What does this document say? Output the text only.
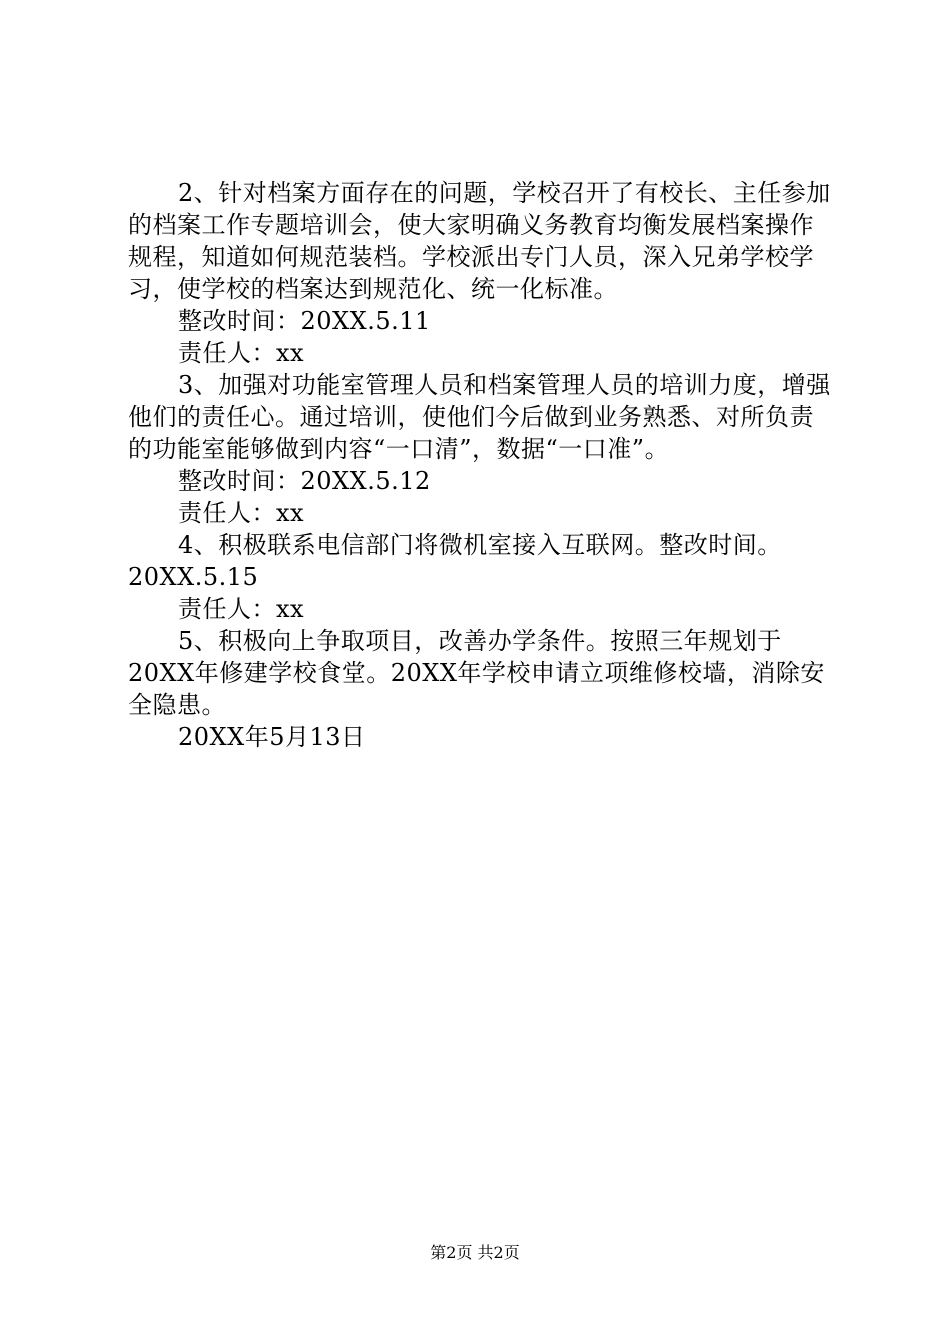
2、针对档案方面存在的问题，学校召开了有校长、主任参加的档案工作专题培训会，使大家明确义务教育均衡发展档案操作规程，知道如何规范装档。学校派出专门人员，深入兄弟学校学习，使学校的档案达到规范化、统一化标准。

整改时间：20XX.5.11

责任人：xx

3、加强对功能室管理人员和档案管理人员的培训力度，增强他们的责任心。通过培训，使他们今后做到业务熟悉、对所负责的功能室能够做到内容“一口清”，数据“一口准”。

整改时间：20XX.5.12

责任人：xx

4、积极联系电信部门将微机室接入互联网。整改时间。20XX.5.15

责任人：xx

5、积极向上争取项目，改善办学条件。按照三年规划于20XX年修建学校食堂。20XX年学校申请立项维修校墙，消除安全隐患。

20XX年5月13日

第2页 共2页
